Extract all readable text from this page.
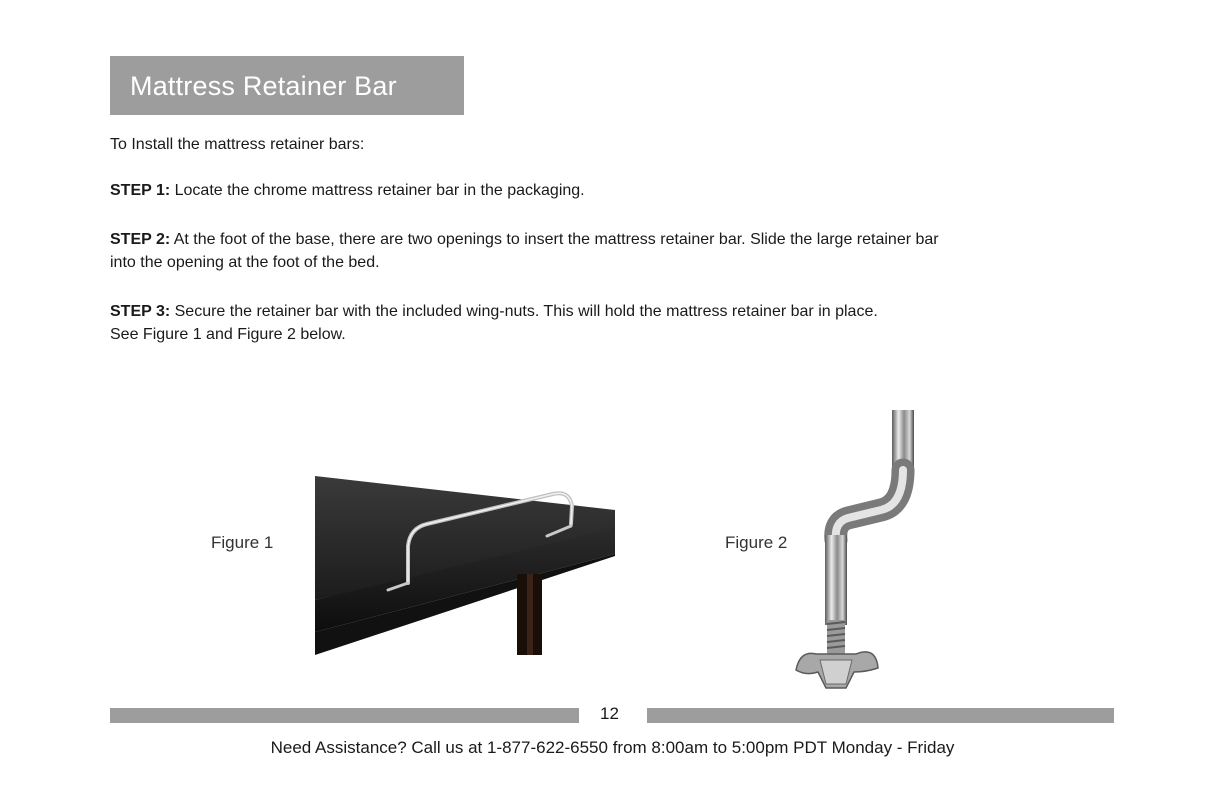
Mattress Retainer Bar
To Install the mattress retainer bars:
STEP 1: Locate the chrome mattress retainer bar in the packaging.
STEP 2: At the foot of the base, there are two openings to insert the mattress retainer bar. Slide the large retainer bar
into the opening at the foot of the bed.
STEP 3: Secure the retainer bar with the included wing-nuts. This will hold the mattress retainer bar in place.
See Figure 1 and Figure 2 below.
Figure 1	Figure 2
12
Need Assistance? Call us at 1-877-622-6550 from 8:00am to 5:00pm PDT Monday - Friday
